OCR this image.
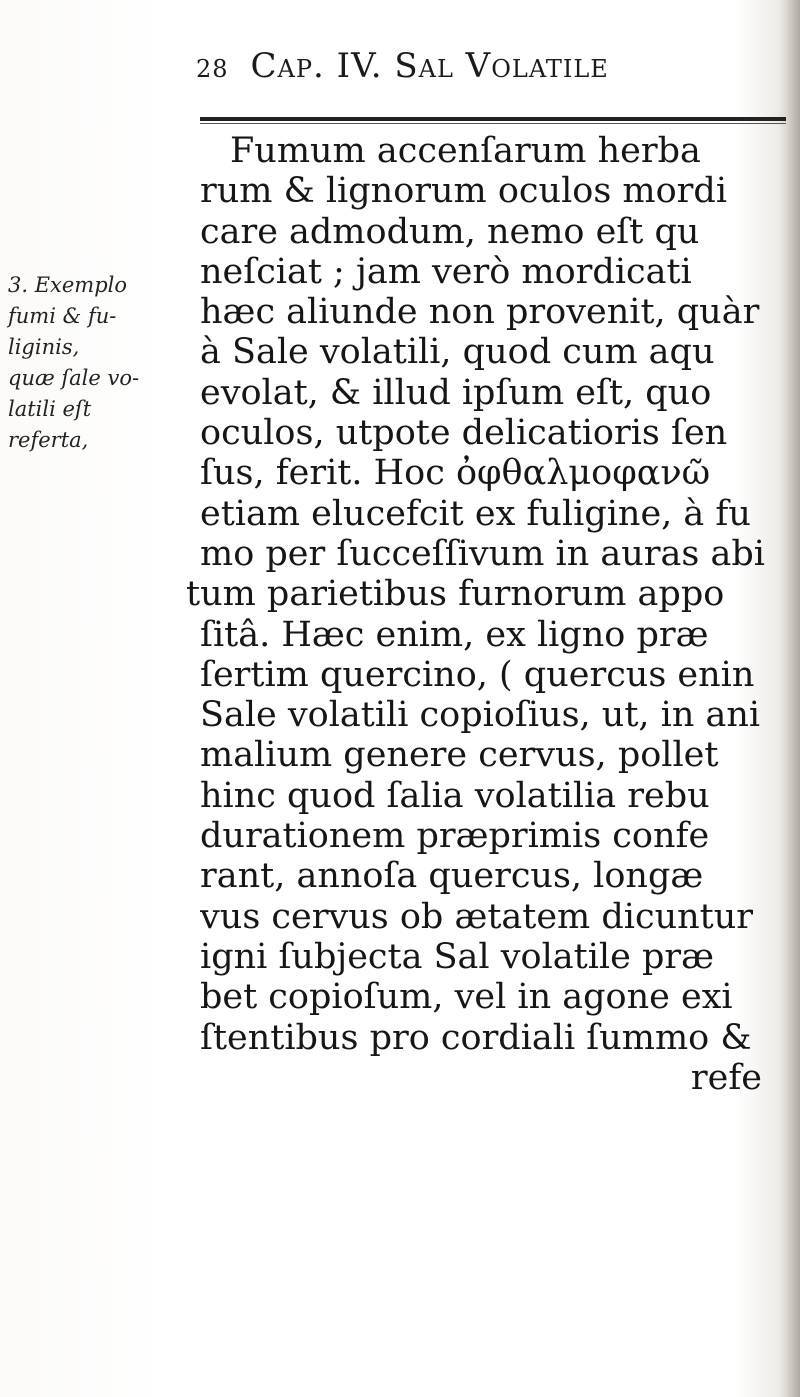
28 Cap. IV. Sal Volatile
3. Exemplo
fumi & fu-
liginis,
quæ ſale vo-
latili eſt
referta,
Fumum accenſarum herba
rum & lignorum oculos mordi
care admodum, nemo eſt qu
neſciat ; jam verò mordicati
hæc aliunde non provenit, quàr
à Sale volatili, quod cum aqu
evolat, & illud ipſum eſt, quo
oculos, utpote delicatioris ſen
ſus, ferit. Hoc ὀφθαλμοφανῶ
etiam elucefcit ex fuligine, à fu
mo per ſucceſſivum in auras abi
tum parietibus furnorum appo
ſitâ. Hæc enim, ex ligno præ
ſertim quercino, ( quercus enin
Sale volatili copioſius, ut, in ani
malium genere cervus, pollet
hinc quod ſalia volatilia rebu
durationem præprimis confe
rant, annoſa quercus, longæ
vus cervus ob ætatem dicuntur
igni ſubjecta Sal volatile præ
bet copioſum, vel in agone exi
ſtentibus pro cordiali ſummo &
refe
